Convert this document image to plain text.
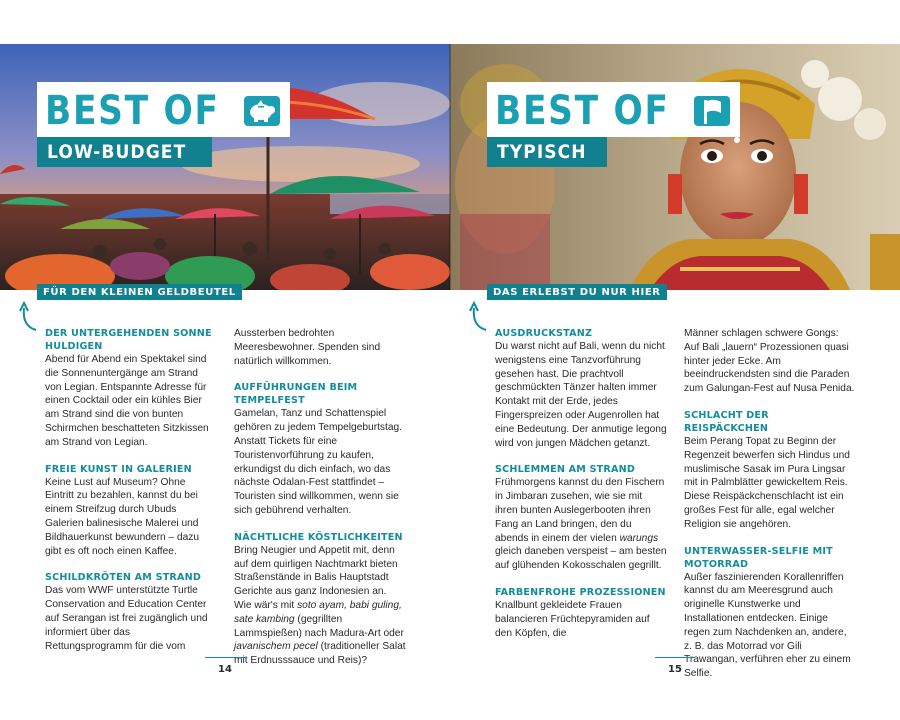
BEST OF
LOW-BUDGET
FÜR DEN KLEINEN GELDBEUTEL
DER UNTERGEHENDEN SONNE HULDIGEN

Abend für Abend ein Spektakel sind die Sonnenuntergänge am Strand von Legian. Entspannte Adresse für einen Cocktail oder ein kühles Bier am Strand sind die von bunten Schirmchen beschatteten Sitzkissen am Strand von Legian.

FREIE KUNST IN GALERIEN

Keine Lust auf Museum? Ohne Eintritt zu bezahlen, kannst du bei einem Streifzug durch Ubuds Galerien balinesische Malerei und Bildhauerkunst bewundern – dazu gibt es oft noch einen Kaffee.

SCHILDKRÖTEN AM STRAND

Das vom WWF unterstützte Turtle Conservation and Education Center auf Serangan ist frei zugänglich und informiert über das Rettungsprogramm für die vom

Aussterben bedrohten Meeresbewohner. Spenden sind natürlich willkommen.

AUFFÜHRUNGEN BEIM TEMPELFEST

Gamelan, Tanz und Schattenspiel gehören zu jedem Tempelgeburtstag. Anstatt Tickets für eine Touristenvorführung zu kaufen, erkundigst du dich einfach, wo das nächste Odalan-Fest stattfindet – Touristen sind willkommen, wenn sie sich gebührend verhalten.

NÄCHTLICHE KÖSTLICHKEITEN

Bring Neugier und Appetit mit, denn auf dem quirligen Nachtmarkt bieten Straßenstände in Balis Hauptstadt Gerichte aus ganz Indonesien an. Wie wär's mit soto ayam, babi guling, sate kambing (gegrillten Lammspießen) nach Madura-Art oder javanischem pecel (traditioneller Salat mit Erdnusssauce und Reis)?

14
BEST OF
TYPISCH
DAS ERLEBST DU NUR HIER
AUSDRUCKSTANZ

Du warst nicht auf Bali, wenn du nicht wenigstens eine Tanzvorführung gesehen hast. Die prachtvoll geschmückten Tänzer halten immer Kontakt mit der Erde, jedes Fingerspreizen oder Augenrollen hat eine Bedeutung. Der anmutige legong wird von jungen Mädchen getanzt.

SCHLEMMEN AM STRAND

Frühmorgens kannst du den Fischern in Jimbaran zusehen, wie sie mit ihren bunten Auslegerbooten ihren Fang an Land bringen, den du abends in einem der vielen warungs gleich daneben verspeist – am besten auf glühenden Kokosschalen gegrillt.

FARBENFROHE PROZESSIONEN

Knallbunt gekleidete Frauen balancieren Früchtepyramiden auf den Köpfen, die

Männer schlagen schwere Gongs: Auf Bali „lauern“ Prozessionen quasi hinter jeder Ecke. Am beeindruckendsten sind die Paraden zum Galungan-Fest auf Nusa Penida.

SCHLACHT DER REISPÄCKCHEN

Beim Perang Topat zu Beginn der Regenzeit bewerfen sich Hindus und muslimische Sasak im Pura Lingsar mit in Palmblätter gewickeltem Reis. Diese Reispäckchenschlacht ist ein großes Fest für alle, egal welcher Religion sie angehören.

UNTERWASSER-SELFIE MIT MOTORRAD

Außer faszinierenden Korallenriffen kannst du am Meeresgrund auch originelle Kunstwerke und Installationen entdecken. Einige regen zum Nachdenken an, andere, z. B. das Motorrad vor Gili Trawangan, verführen eher zu einem Selfie.

15
